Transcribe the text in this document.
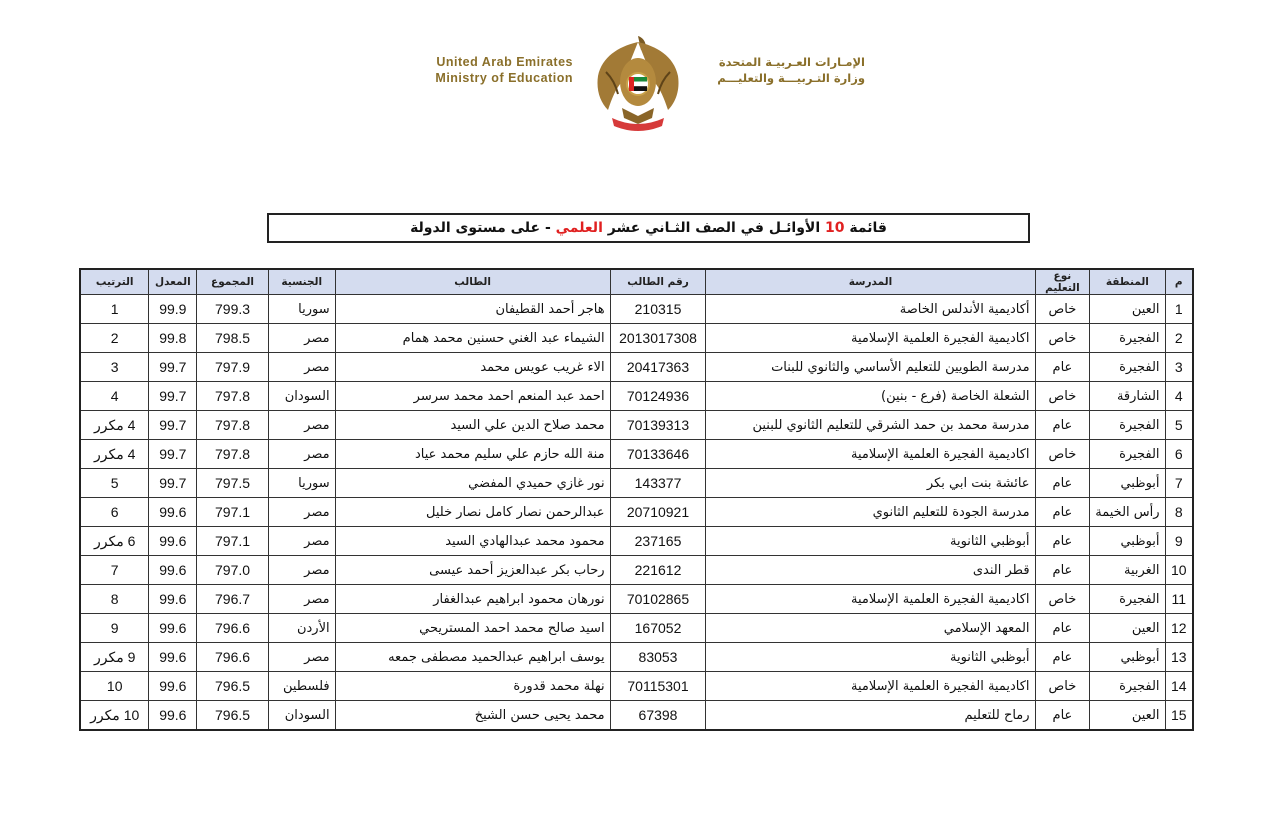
United Arab Emirates
Ministry of Education
الإمـارات العـربيـة المتحدة
وزارة التـربيـــة والتعليـــم
قائمة 10 الأوائـل في الصف الثـاني عشر العلمي - على مستوى الدولة
م	المنطقة	نوع التعليم	المدرسة	رقم الطالب	الطالب	الجنسية	المجموع	المعدل	الترتيب
1	العين	خاص	أكاديمية الأندلس الخاصة	210315	هاجر أحمد القطيفان	سوريا	799.3	99.9	1
2	الفجيرة	خاص	اكاديمية الفجيرة العلمية الإسلامية	2013017308	الشيماء عبد الغني حسنين محمد همام	مصر	798.5	99.8	2
3	الفجيرة	عام	مدرسة الطويين للتعليم الأساسي والثانوي للبنات	20417363	الاء غريب عويس محمد	مصر	797.9	99.7	3
4	الشارقة	خاص	الشعلة الخاصة (فرع - بنين)	70124936	احمد عبد المنعم احمد محمد سرسر	السودان	797.8	99.7	4
5	الفجيرة	عام	مدرسة محمد بن حمد الشرقي للتعليم الثانوي للبنين	70139313	محمد صلاح الدين علي السيد	مصر	797.8	99.7	4 مكرر
6	الفجيرة	خاص	اكاديمية الفجيرة العلمية الإسلامية	70133646	منة الله حازم علي سليم محمد عياد	مصر	797.8	99.7	4 مكرر
7	أبوظبي	عام	عائشة بنت ابي بكر	143377	نور غازي حميدي المفضي	سوريا	797.5	99.7	5
8	رأس الخيمة	عام	مدرسة الجودة للتعليم الثانوي	20710921	عبدالرحمن نصار كامل نصار خليل	مصر	797.1	99.6	6
9	أبوظبي	عام	أبوظبي الثانوية	237165	محمود محمد عبدالهادي السيد	مصر	797.1	99.6	6 مكرر
10	الغربية	عام	قطر الندى	221612	رحاب بكر عبدالعزيز أحمد عيسى	مصر	797.0	99.6	7
11	الفجيرة	خاص	اكاديمية الفجيرة العلمية الإسلامية	70102865	نورهان محمود ابراهيم عبدالغفار	مصر	796.7	99.6	8
12	العين	عام	المعهد الإسلامي	167052	اسيد صالح محمد احمد المستريحي	الأردن	796.6	99.6	9
13	أبوظبي	عام	أبوظبي الثانوية	83053	يوسف ابراهيم عبدالحميد مصطفى جمعه	مصر	796.6	99.6	9 مكرر
14	الفجيرة	خاص	اكاديمية الفجيرة العلمية الإسلامية	70115301	نهلة محمد قدورة	فلسطين	796.5	99.6	10
15	العين	عام	رماح للتعليم	67398	محمد يحيى حسن الشيخ	السودان	796.5	99.6	10 مكرر
